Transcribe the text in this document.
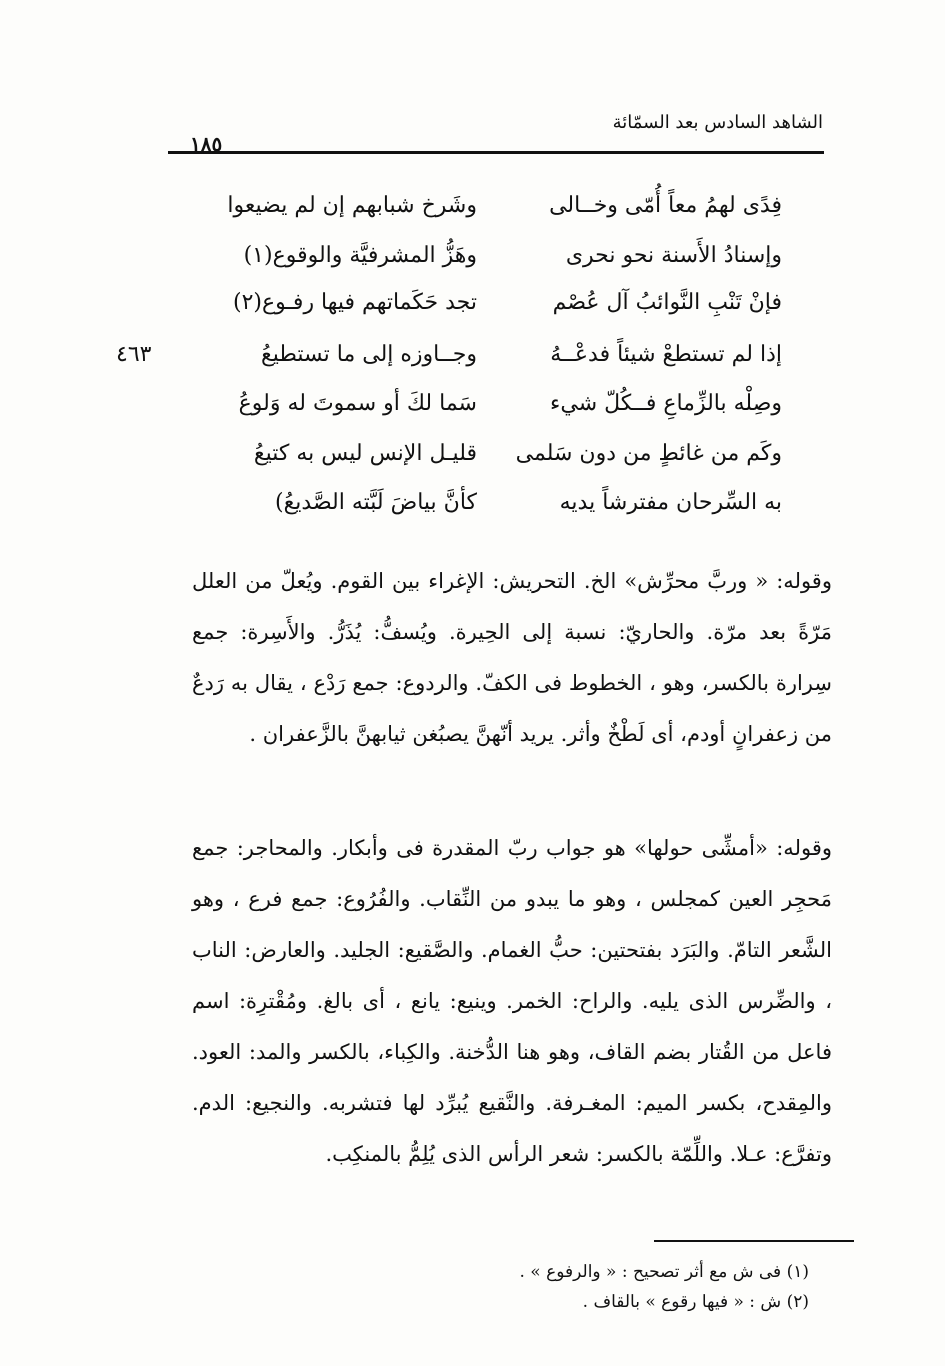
الشاهد السادس بعد السمّائة
١٨٥
٤٦٣
فِدًى لهمُ معاً أُمّى وخــالى
وشَرخ شبابهم إن لم يضيعوا
وإسنادُ الأَسنة نحو نحرى
وهَزُّ المشرفيَّة والوقوع(١)
فإنْ تَنْبِ النَّوائبُ آل عُصْم
تجد حَكَماتهم فيها رفـوع(٢)
إذا لم تستطعْ شيئاً فدعْــهُ
وجــاوزه إلى ما تستطيعُ
وصِلْه بالزِّماعِ فــكُلّ شيء
سَما لكَ أو سموتَ له وَلوعُ
وكَم من غائطٍ من دون سَلمى
قليـل الإنس ليس به كتيعُ
به السِّرحان مفترشاً يديه
كأنَّ بياضَ لَبَّته الصَّديعُ)

وقوله: « وربَّ محرِّش» الخ. التحريش: الإغراء بين القوم. ويُعلّ من العلل مَرّةً بعد مرّة. والحاريّ: نسبة إلى الحِيرة. ويُسفُّ: يُذَرُّ. والأَسِرة: جمع سِرارة بالكسر، وهو ، الخطوط فى الكفّ. والردوع: جمع رَدْع ، يقال به رَدعٌ من زعفرانٍ أودم، أى لَطْخٌ وأثر. يريد أنّهنَّ يصبُغن ثيابهنَّ بالزَّعفران .

وقوله: «أمشِّى حولها» هو جواب ربّ المقدرة فى وأبكار. والمحاجر: جمع مَحجِر العين كمجلس ، وهو ما يبدو من النِّقاب. والفُرُوع: جمع فرع ، وهو الشَّعر التامّ. والبَرَد بفتحتين: حبُّ الغمام. والصَّقيع: الجليد. والعارض: الناب ، والضِّرس الذى يليه. والراح: الخمر. وينيع: يانع ، أى بالغ. ومُقْترِة: اسم فاعل من القُتار بضم القاف، وهو هنا الدُّخنة. والكِباء، بالكسر والمد: العود. والمِقدح، بكسر الميم: المغـرفة. والنَّقيع يُبرِّد لها فتشربه. والنجيع: الدم. وتفرَّع: عـلا. واللِّمّة بالكسر: شعر الرأس الذى يُلِمُّ بالمنكِب.

(١) فى ش مع أثر تصحيح : « والرفوع » .
(٢) ش : « فيها رقوع » بالقاف .
